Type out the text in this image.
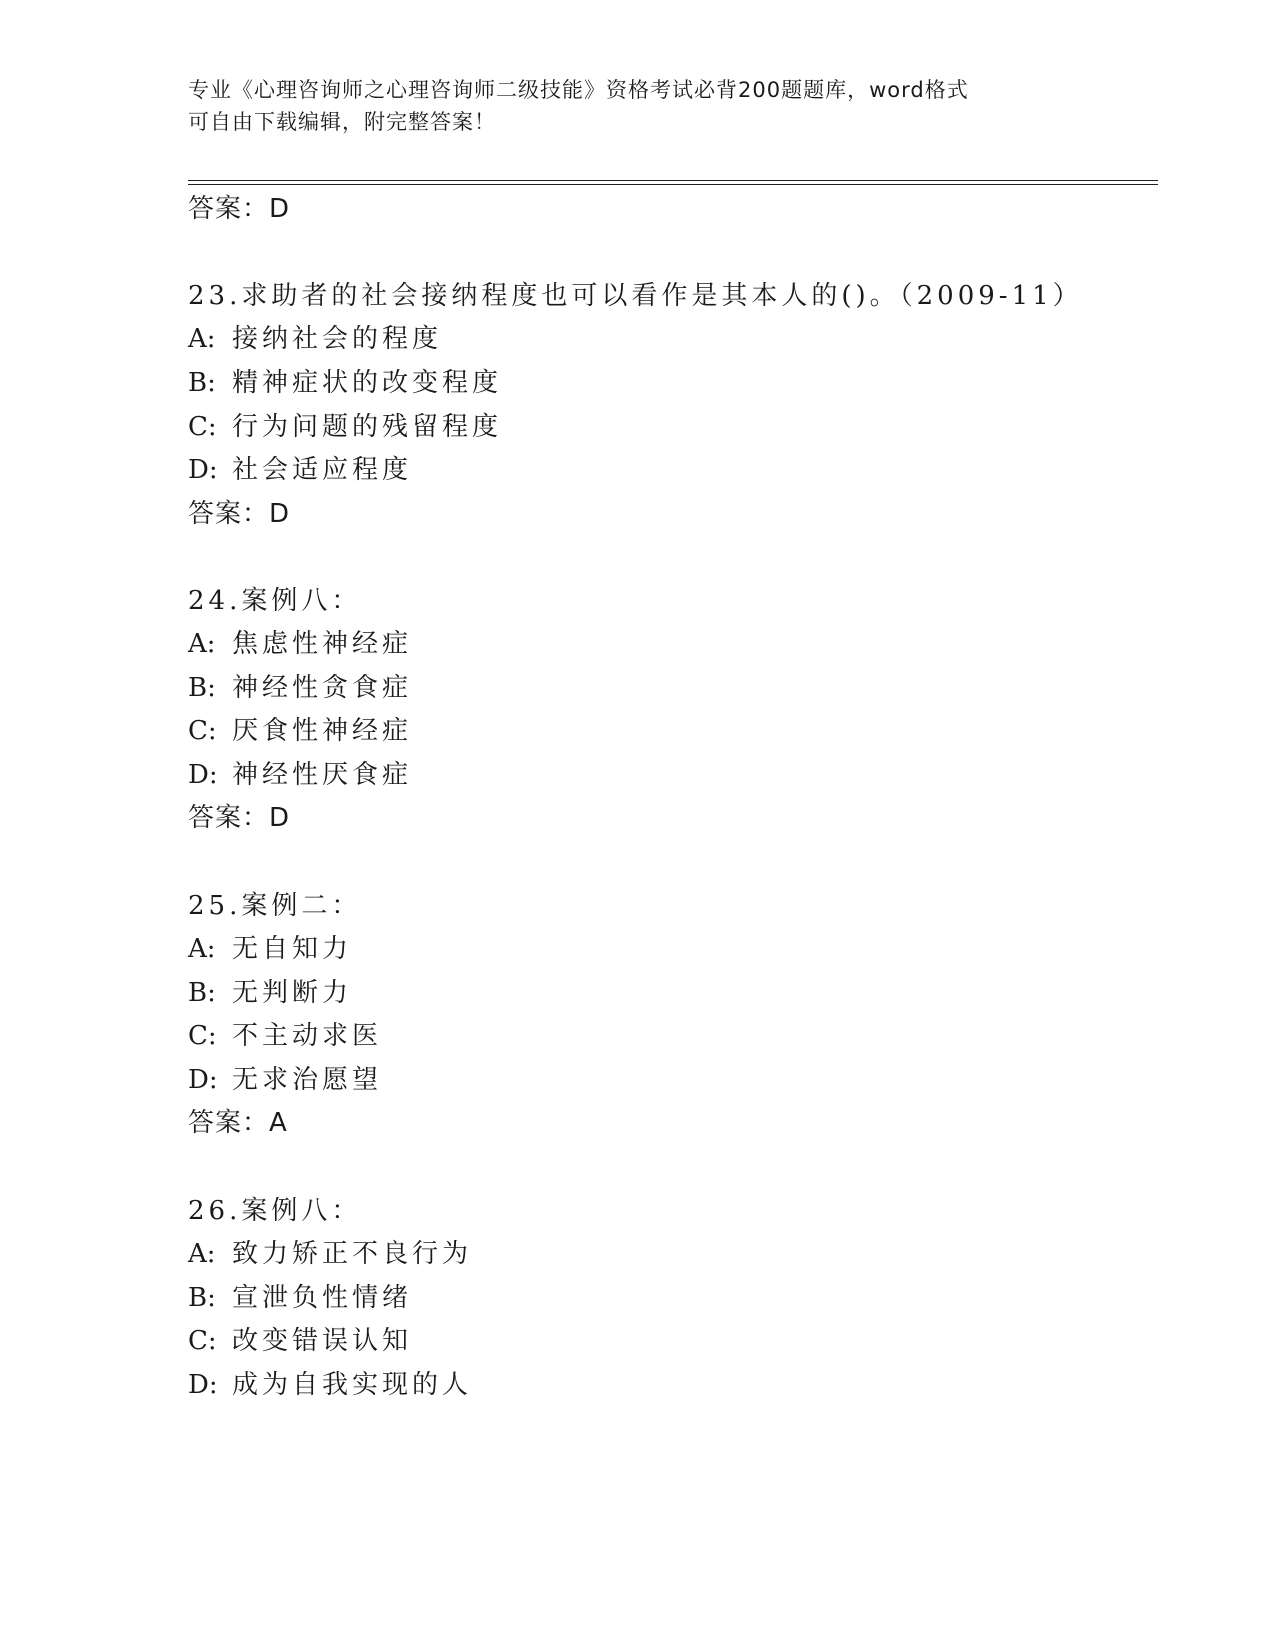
专业《心理咨询师之心理咨询师二级技能》资格考试必背200题题库，word格式
可自由下载编辑，附完整答案！
答案：D
23.求助者的社会接纳程度也可以看作是其本人的()。（2009-11）
A: 接纳社会的程度
B: 精神症状的改变程度
C: 行为问题的残留程度
D: 社会适应程度
答案：D
24.案例八：
A: 焦虑性神经症
B: 神经性贪食症
C: 厌食性神经症
D: 神经性厌食症
答案：D
25.案例二：
A: 无自知力
B: 无判断力
C: 不主动求医
D: 无求治愿望
答案：A
26.案例八：
A: 致力矫正不良行为
B: 宣泄负性情绪
C: 改变错误认知
D: 成为自我实现的人
